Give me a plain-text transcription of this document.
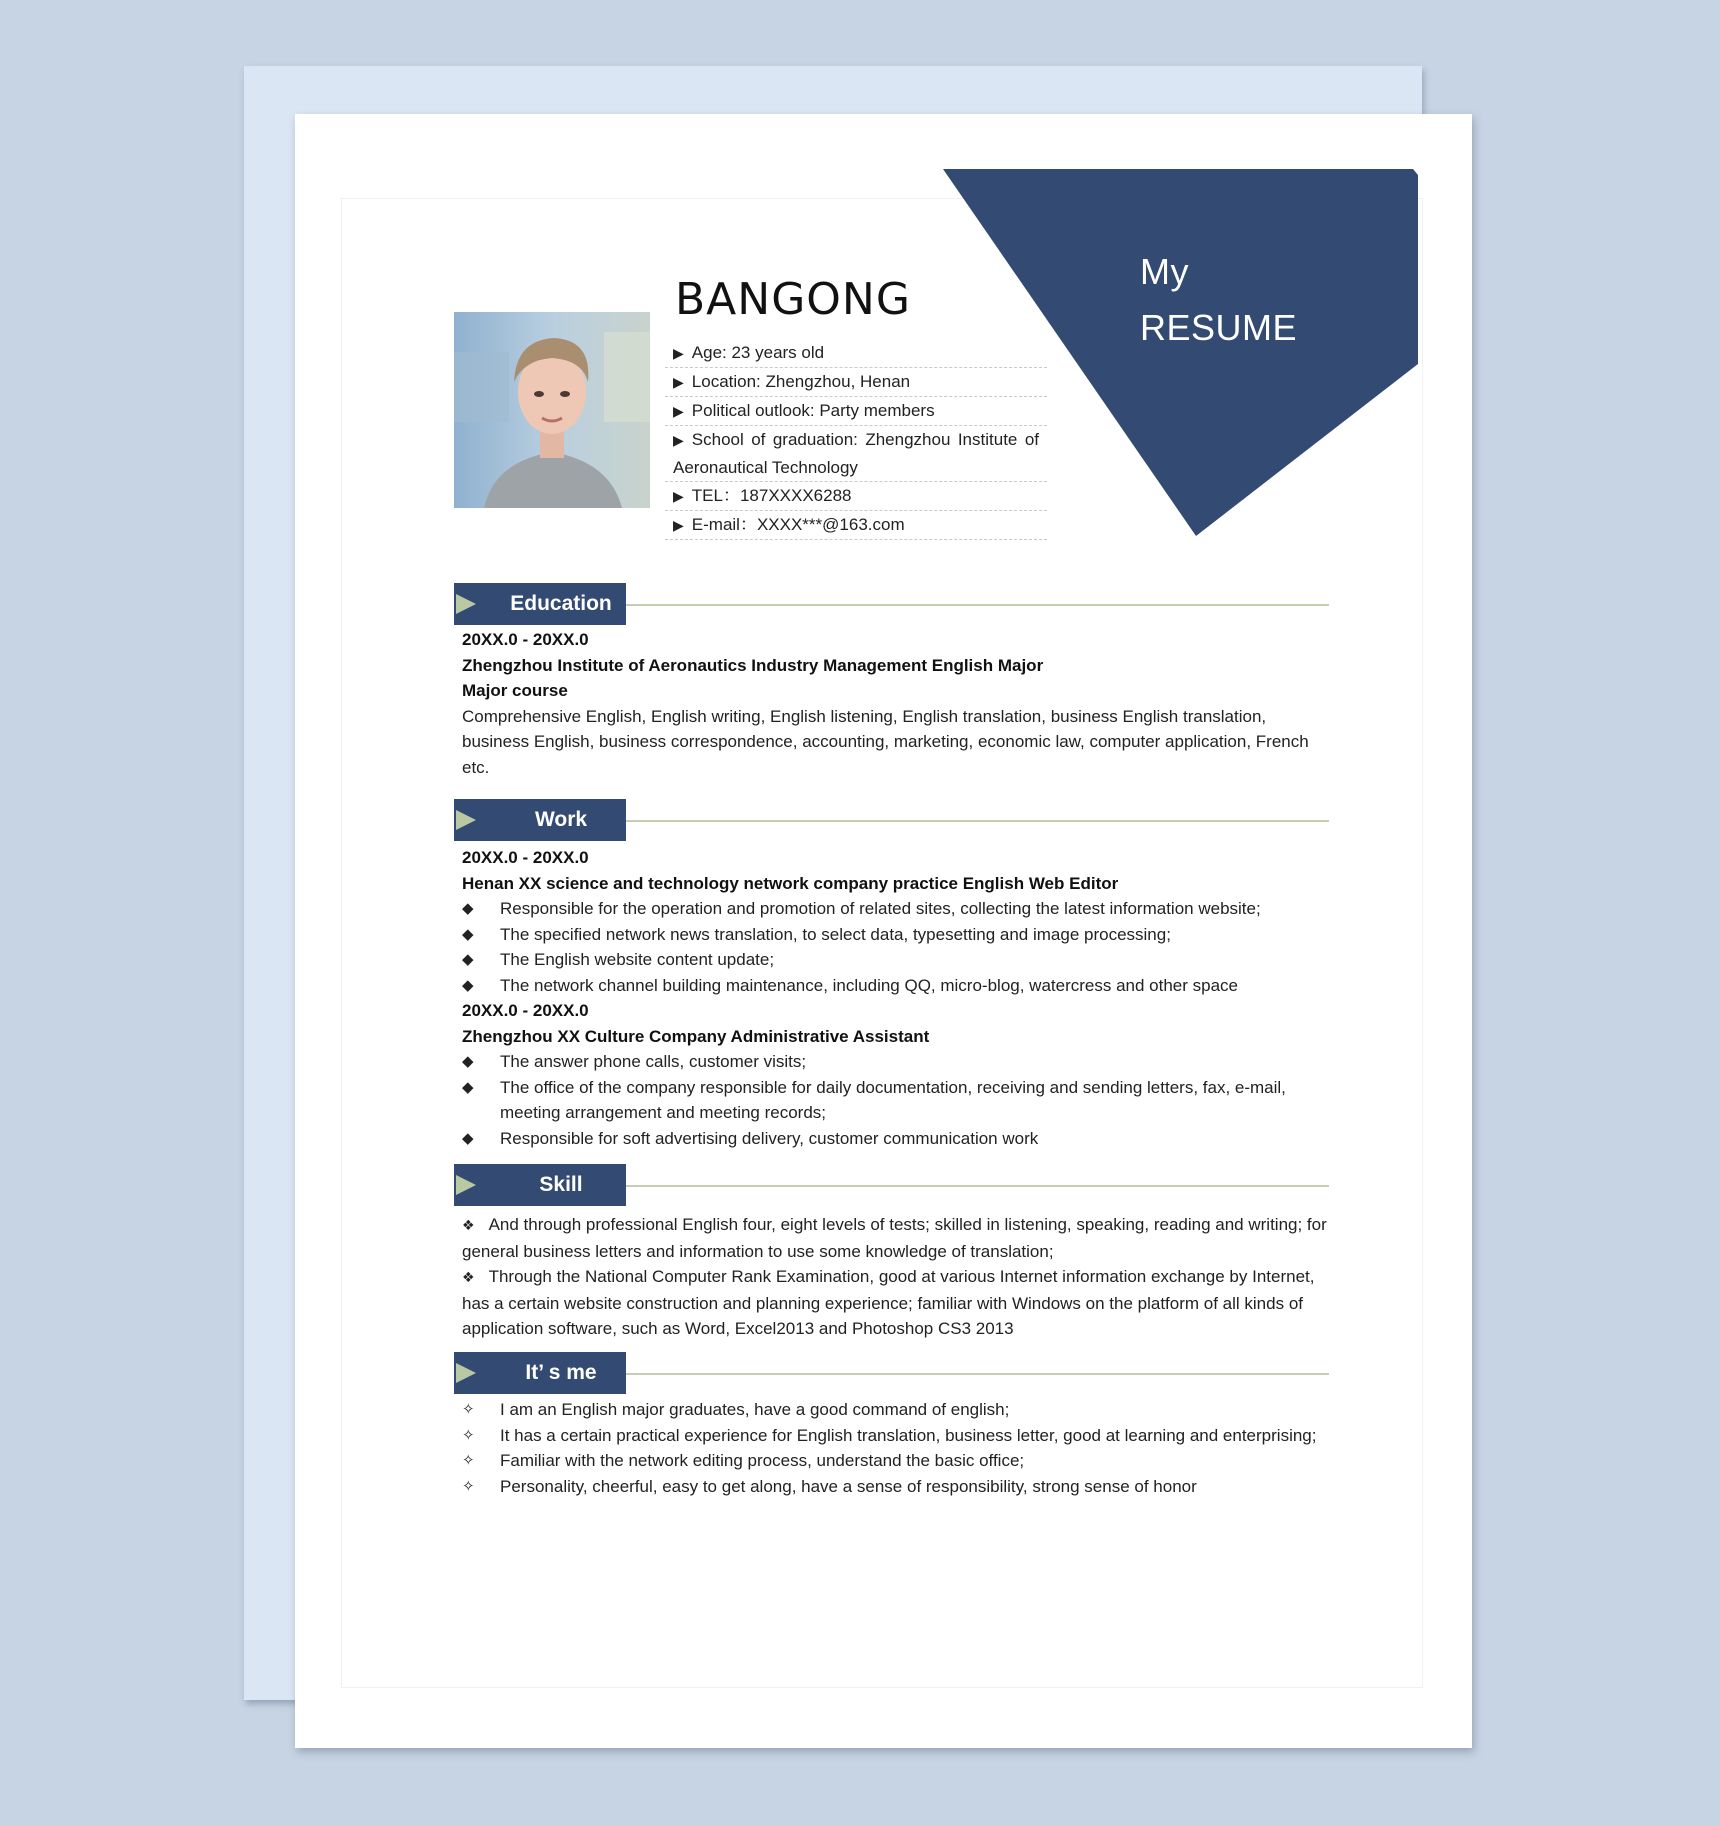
My
RESUME
BANGONG
▶ Age: 23 years old
▶ Location: Zhengzhou, Henan
▶ Political outlook: Party members
▶ School of graduation: Zhengzhou Institute of Aeronautical Technology
▶ TEL：187XXXX6288
▶ E-mail：XXXX***@163.com
Education
20XX.0 - 20XX.0
Zhengzhou Institute of Aeronautics Industry Management English Major
Major course
Comprehensive English, English writing, English listening, English translation, business English translation, business English, business correspondence, accounting, marketing, economic law, computer application, French etc.
Work
20XX.0 - 20XX.0
Henan XX science and technology network company practice English Web Editor
◆ Responsible for the operation and promotion of related sites, collecting the latest information website;
◆ The specified network news translation, to select data, typesetting and image processing;
◆ The English website content update;
◆ The network channel building maintenance, including QQ, micro-blog, watercress and other space
20XX.0 - 20XX.0
Zhengzhou XX Culture Company Administrative Assistant
◆ The answer phone calls, customer visits;
◆ The office of the company responsible for daily documentation, receiving and sending letters, fax, e-mail, meeting arrangement and meeting records;
◆ Responsible for soft advertising delivery, customer communication work
Skill
❖ And through professional English four, eight levels of tests; skilled in listening, speaking, reading and writing; for general business letters and information to use some knowledge of translation;
❖ Through the National Computer Rank Examination, good at various Internet information exchange by Internet, has a certain website construction and planning experience; familiar with Windows on the platform of all kinds of application software, such as Word, Excel2013 and Photoshop CS3 2013
It’ s me
✧ I am an English major graduates, have a good command of english;
✧ It has a certain practical experience for English translation, business letter, good at learning and enterprising;
✧ Familiar with the network editing process, understand the basic office;
✧ Personality, cheerful, easy to get along, have a sense of responsibility, strong sense of honor
